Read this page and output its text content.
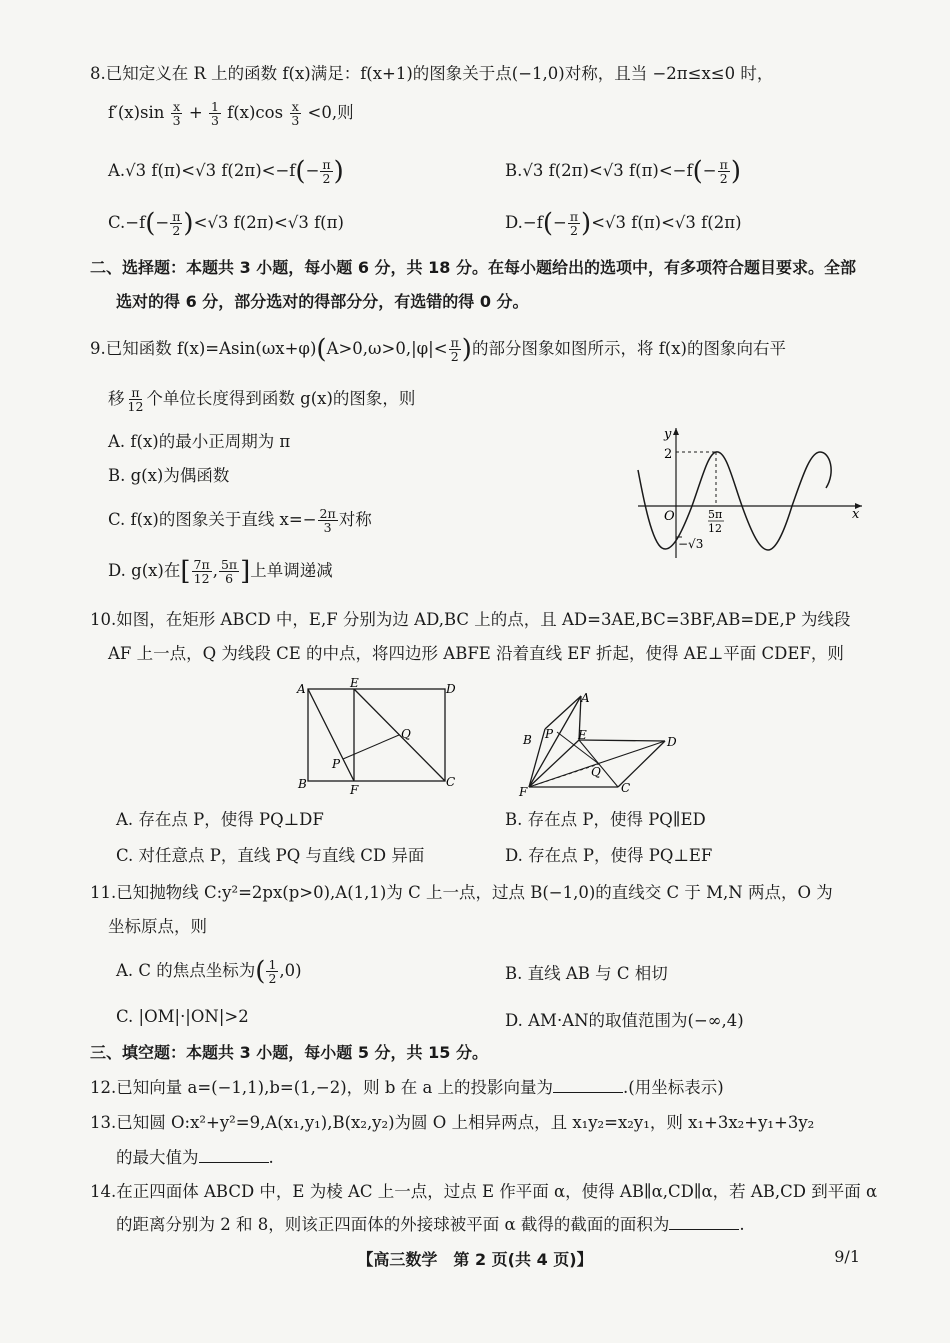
8.已知定义在 R 上的函数 f(x)满足：f(x+1)的图象关于点(−1,0)对称，且当 −2π≤x≤0 时，
$f'(x)\sin \frac{x}{3} + \frac{1}{3} f(x)\cos \frac{x}{3} <0$,则
A.√3 f(π)<√3 $f(2\pi)<-f(- \frac{\pi}{2}$ )	B.√3 f(2π)<√3 $f(\pi)<-f(- \frac{\pi}{2}$ )
$C.-f(- \frac{\pi}{2} )<√3$ f(2π)<√3 f(π)	$D.-f(- \frac{\pi}{2} )<√3$ f(π)<√3 f(2π)
二、选择题：本题共 3 小题，每小题 6 分，共 18 分。在每小题给出的选项中，有多项符合题目要求。全部
选对的得 6 分，部分选对的得部分分，有选错的得 0 分。
9.已知函数 $f(x)=Asin(\omega x+\varphi)(A>0,\omega>0,|\varphi|< \frac{\pi}{2}$ )的部分图象如图所示，将 f(x)的图象向右平
移 $\frac{\pi}{12}$ 个单位长度得到函数 g(x)的图象，则
A. f(x)的最小正周期为 π
B. g(x)为偶函数
C. f(x)的图象关于直线 $x=- \frac{2\pi}{3}$ 对称
D. g(x)在[ $\frac{7\pi}{12}$ , $\frac{5\pi}{6}$ ]上单调递减
y
x
O
2
−√3
5π
12
10.如图，在矩形 ABCD 中，E,F 分别为边 AD,BC 上的点，且 AD=3AE,BC=3BF,AB=DE,P 为线段
AF 上一点，Q 为线段 CE 的中点，将四边形 ABFE 沿着直线 EF 折起，使得 AE⊥平面 CDEF，则
A	E	D
B	F
C
P
Q
A
B P E	D
Q
F	C
A. 存在点 P，使得 PQ⊥DF	B. 存在点 P，使得 PQ∥ED
C. 对任意点 P，直线 PQ 与直线 CD 异面	D. 存在点 P，使得 PQ⊥EF
11.已知抛物线 C:y²=2px(p>0),A(1,1)为 C 上一点，过点 B(−1,0)的直线交 C 于 M,N 两点，O 为
坐标原点，则
A. C 的焦点坐标为( $\frac{1}{2} ,0$)	B. 直线 AB 与 C 相切
C. |OM|·|ON|>2	D. AM·AN的取值范围为(−∞,4)
三、填空题：本题共 3 小题，每小题 5 分，共 15 分。
12.已知向量 a=(−1,1),b=(1,−2)，则 b 在 a 上的投影向量为	.(用坐标表示)
13.已知圆 O:x²+y²=9,A(x₁,y₁),B(x₂,y₂)为圆 O 上相异两点，且 x₁y₂=x₂y₁，则 x₁+3x₂+y₁+3y₂
的最大值为	.
14.在正四面体 ABCD 中，E 为棱 AC 上一点，过点 E 作平面 α，使得 AB∥α,CD∥α，若 AB,CD 到平面 α
的距离分别为 2 和 8，则该正四面体的外接球被平面 α 截得的截面的面积为	.
【高三数学　第 2 页(共 4 页)】	9/1
